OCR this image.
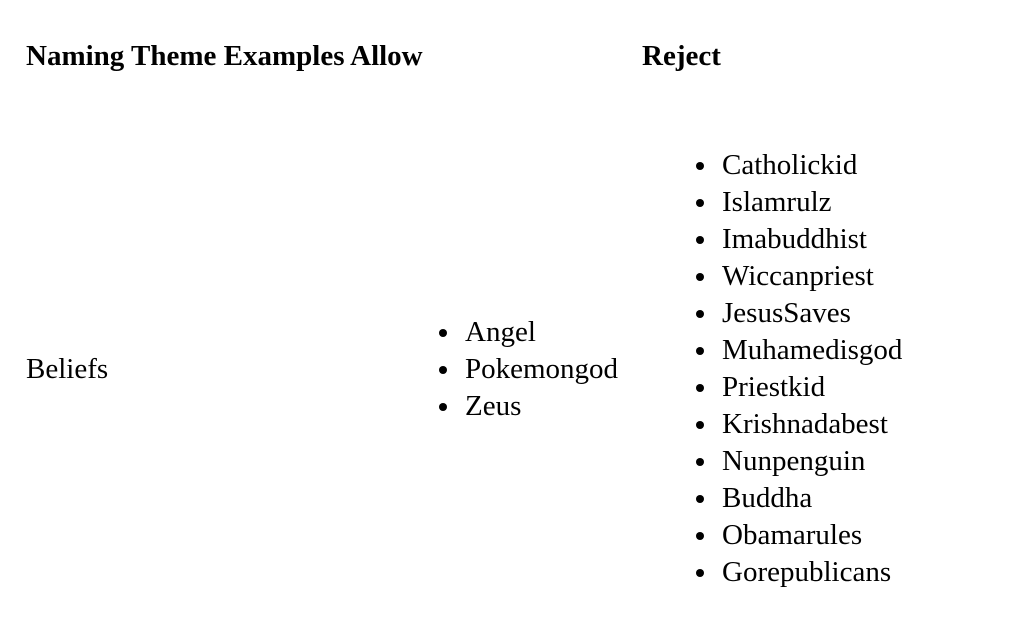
Naming Theme Examples Allow	Reject
Beliefs
Angel
Pokemongod
Zeus
Catholickid
Islamrulz
Imabuddhist
Wiccanpriest
JesusSaves
Muhamedisgod
Priestkid
Krishnadabest
Nunpenguin
Buddha
Obamarules
Gorepublicans
